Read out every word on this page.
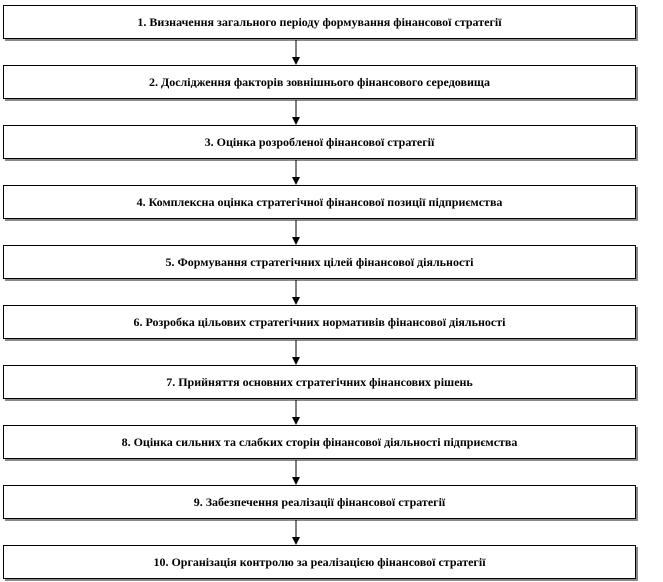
1. Визначення загального періоду формування фінансової стратегії
2. Дослідження факторів зовнішнього фінансового середовища
3. Оцінка розробленої фінансової стратегії
4. Комплексна оцінка стратегічної фінансової позиції підприємства
5. Формування стратегічних цілей фінансової діяльності
6. Розробка цільових стратегічних нормативів фінансової діяльності
7. Прийняття основних стратегічних фінансових рішень
8. Оцінка сильних та слабких сторін фінансової діяльності підприємства
9. Забезпечення реалізації фінансової стратегії
10. Організація контролю за реалізацією фінансової стратегії
